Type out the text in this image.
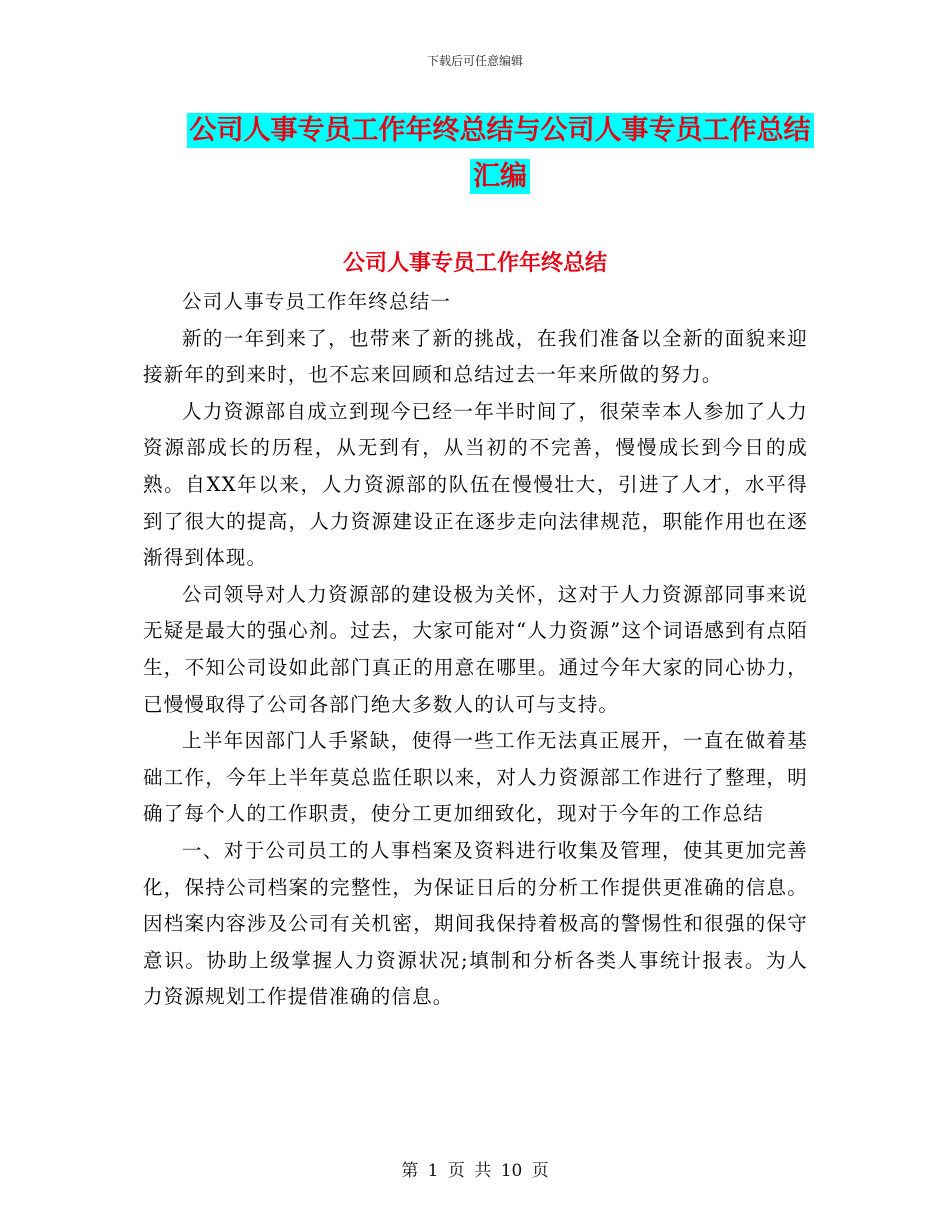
下载后可任意编辑
公司人事专员工作年终总结与公司人事专员工作总结
汇编
公司人事专员工作年终总结

公司人事专员工作年终总结一

新的一年到来了，也带来了新的挑战，在我们准备以全新的面貌来迎接新年的到来时，也不忘来回顾和总结过去一年来所做的努力。

人力资源部自成立到现今已经一年半时间了，很荣幸本人参加了人力资源部成长的历程，从无到有，从当初的不完善，慢慢成长到今日的成熟。自XX年以来，人力资源部的队伍在慢慢壮大，引进了人才，水平得到了很大的提高，人力资源建设正在逐步走向法律规范，职能作用也在逐渐得到体现。

公司领导对人力资源部的建设极为关怀，这对于人力资源部同事来说无疑是最大的强心剂。过去，大家可能对“人力资源”这个词语感到有点陌生，不知公司设如此部门真正的用意在哪里。通过今年大家的同心协力，已慢慢取得了公司各部门绝大多数人的认可与支持。

上半年因部门人手紧缺，使得一些工作无法真正展开，一直在做着基础工作，今年上半年莫总监任职以来，对人力资源部工作进行了整理，明确了每个人的工作职责，使分工更加细致化，现对于今年的工作总结

一、对于公司员工的人事档案及资料进行收集及管理，使其更加完善化，保持公司档案的完整性，为保证日后的分析工作提供更准确的信息。因档案内容涉及公司有关机密，期间我保持着极高的警惕性和很强的保守意识。协助上级掌握人力资源状况;填制和分析各类人事统计报表。为人力资源规划工作提借准确的信息。

第 1 页 共 10 页
